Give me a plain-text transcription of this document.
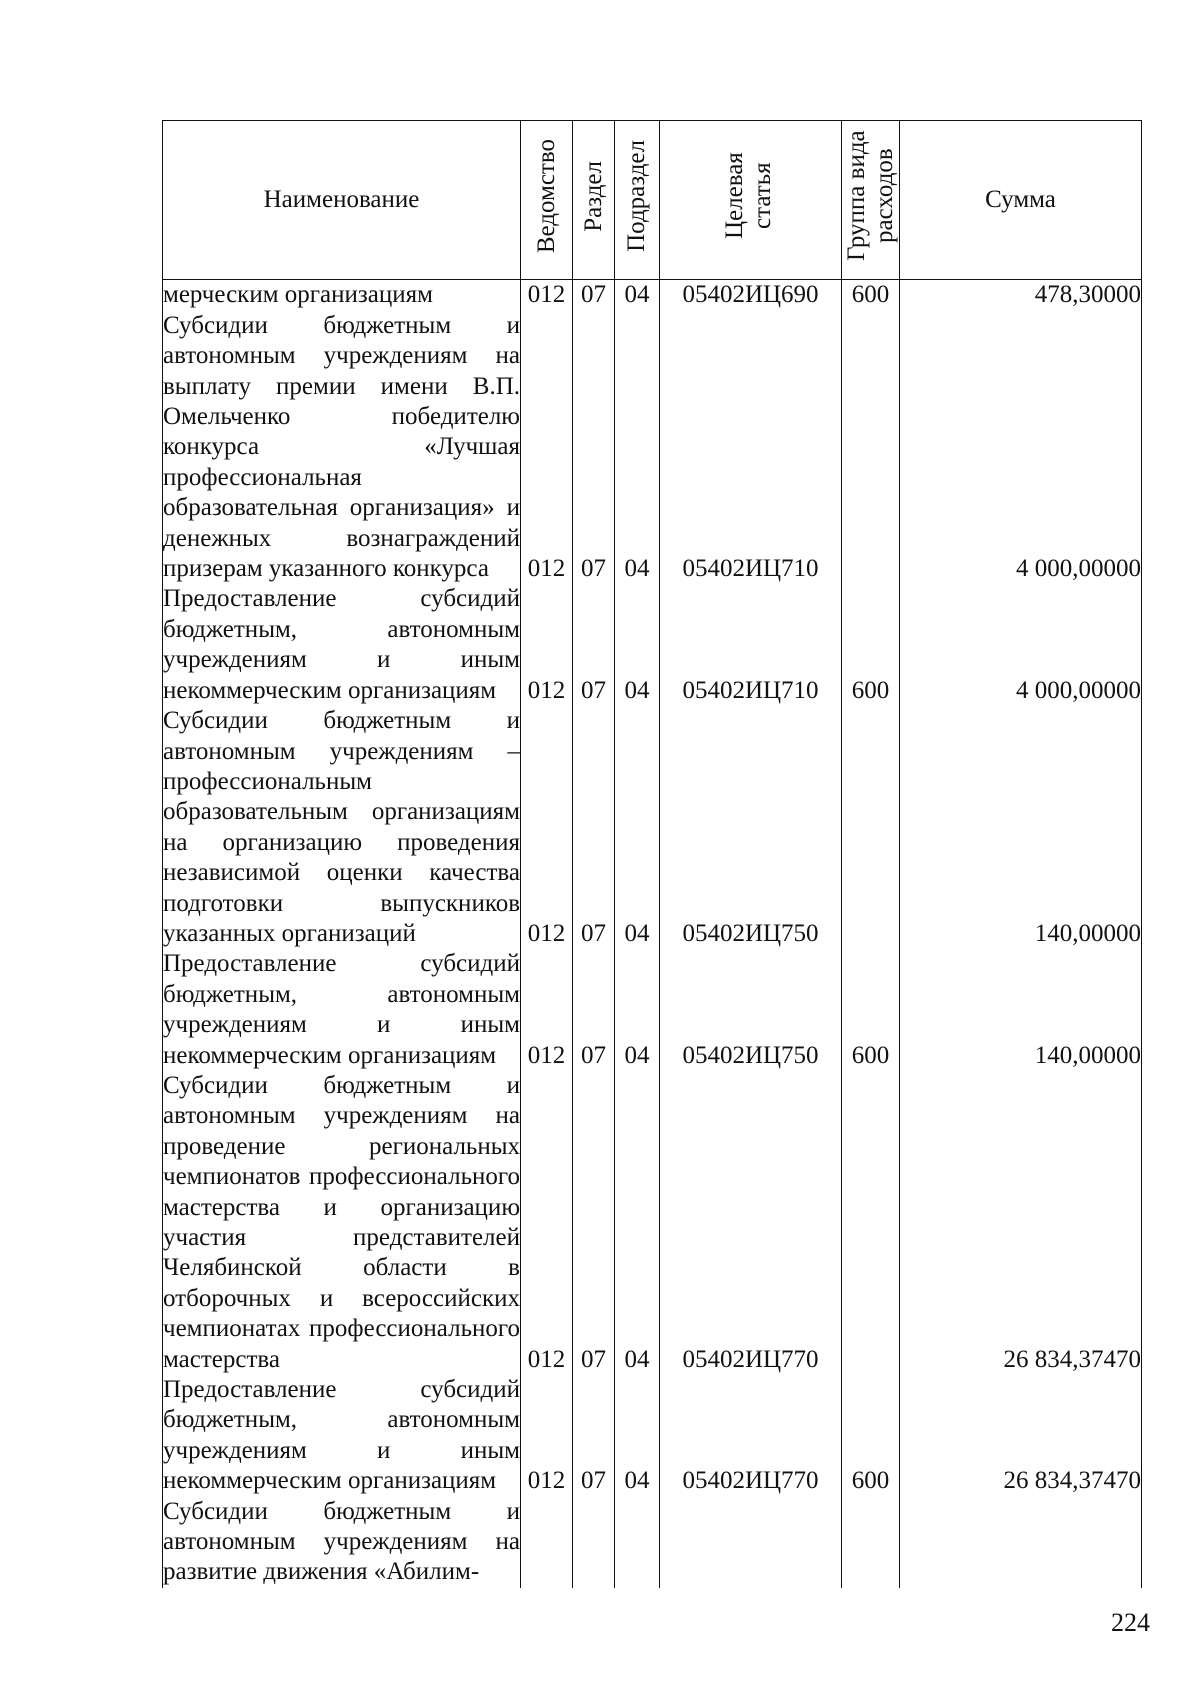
Наименование	Ведомство	Раздел	Подраздел	Целевая статья	Группа вида расходов	Сумма
мерческим организациям	012	07	04	05402ИЦ690	600	478,30000
Субсидии бюджетным и автономным учреждениям на выплату премии имени В.П. Омельченко победителю конкурса «Лучшая профессиональная образовательная организация» и денежных вознаграждений призерам указанного конкурса	012	07	04	05402ИЦ710		4 000,00000
Предоставление субсидий бюджетным, автономным учреждениям и иным некоммерческим организациям	012	07	04	05402ИЦ710	600	4 000,00000
Субсидии бюджетным и автономным учреждениям – профессиональным образовательным организациям на организацию проведения независимой оценки качества подготовки выпускников указанных организаций	012	07	04	05402ИЦ750		140,00000
Предоставление субсидий бюджетным, автономным учреждениям и иным некоммерческим организациям	012	07	04	05402ИЦ750	600	140,00000
Субсидии бюджетным и автономным учреждениям на проведение региональных чемпионатов профессионального мастерства и организацию участия представителей Челябинской области в отборочных и всероссийских чемпионатах профессионального мастерства	012	07	04	05402ИЦ770		26 834,37470
Предоставление субсидий бюджетным, автономным учреждениям и иным некоммерческим организациям	012	07	04	05402ИЦ770	600	26 834,37470
Субсидии бюджетным и автономным учреждениям на развитие движения «Абилим-						
224
